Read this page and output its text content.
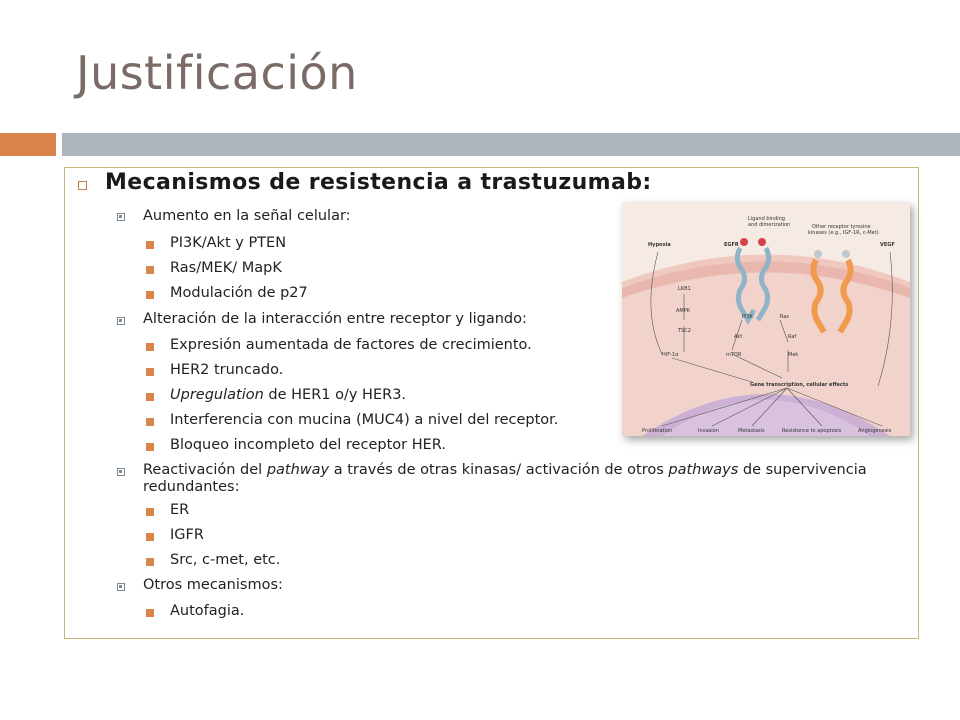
Justificación
Mecanismos de resistencia a trastuzumab:
Aumento en la señal celular:
PI3K/Akt y PTEN
Ras/MEK/ MapK
Modulación de p27
Alteración de la interacción entre receptor y ligando:
Expresión aumentada de factores de crecimiento.
HER2 truncado.
Upregulation de HER1 o/y HER3.
Interferencia con mucina (MUC4) a nivel del receptor.
Bloqueo incompleto del receptor HER.
Reactivación del pathway a través de otras kinasas/ activación de otros pathways de supervivencia
redundantes:
ER
IGFR
Src, c-met, etc.
Otros mecanismos:
Autofagia.
Ligand binding
and dimerization	Other receptor tyrosine
kinases (e.g., IGF-1R, c-Met)
Hypoxia	EGFR	VEGF
LKB1
AMPK
TSC2
PI3K	Ras
Akt	Raf
mTOR	Mek
HIF-1α
Gene transcription, cellular effects
Proliferation	Invasion	Metastasis	Resistance to apoptosis	Angiogenesis
